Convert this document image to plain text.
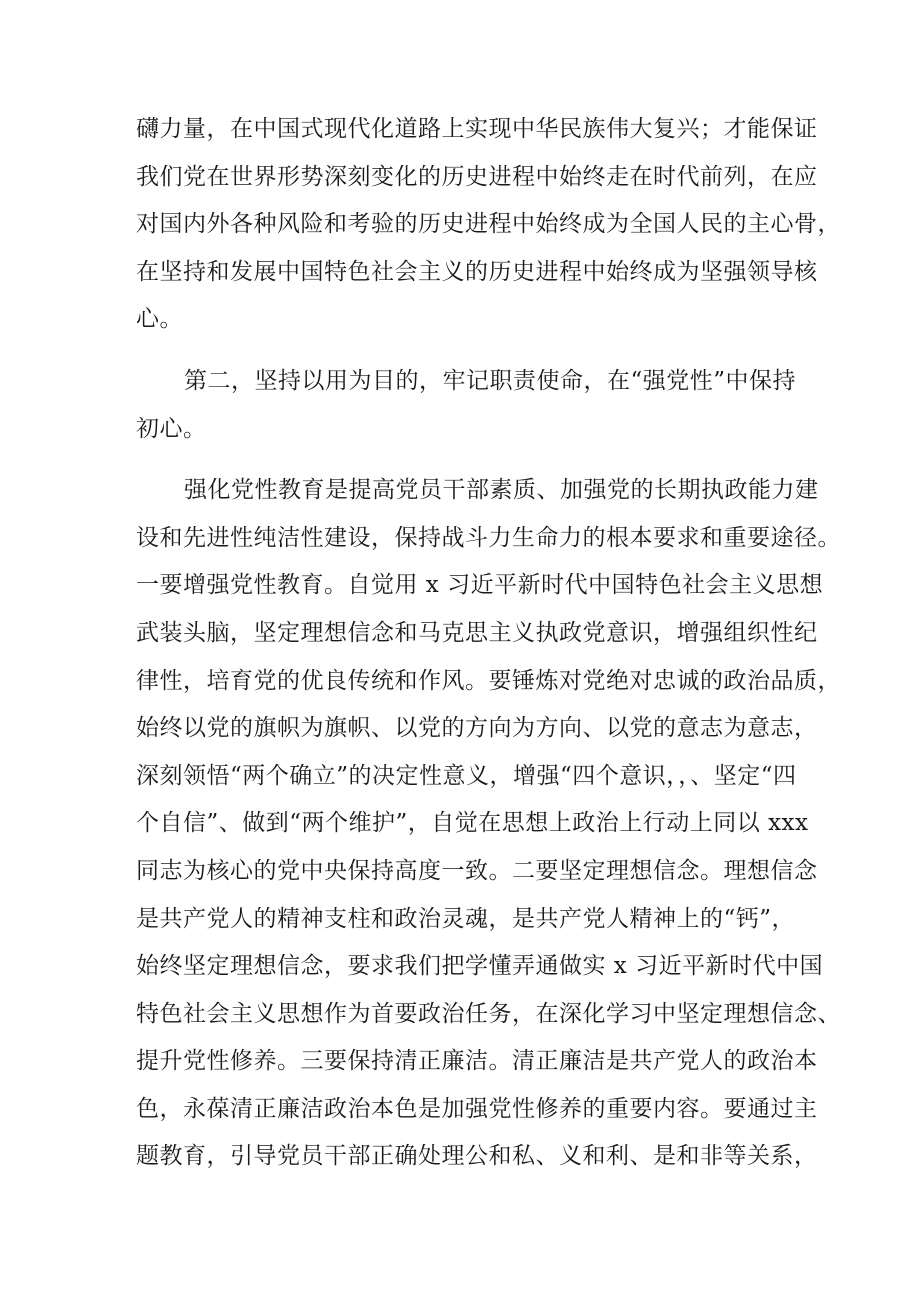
礴力量，在中国式现代化道路上实现中华民族伟大复兴；才能保证
我们党在世界形势深刻变化的历史进程中始终走在时代前列，在应
对国内外各种风险和考验的历史进程中始终成为全国人民的主心骨，
在坚持和发展中国特色社会主义的历史进程中始终成为坚强领导核
心。
第二，坚持以用为目的，牢记职责使命，在“强党性”中保持
初心。
强化党性教育是提高党员干部素质、加强党的长期执政能力建
设和先进性纯洁性建设，保持战斗力生命力的根本要求和重要途径。
一要增强党性教育。自觉用 x 习近平新时代中国特色社会主义思想
武装头脑，坚定理想信念和马克思主义执政党意识，增强组织性纪
律性，培育党的优良传统和作风。要锤炼对党绝对忠诚的政治品质，
始终以党的旗帜为旗帜、以党的方向为方向、以党的意志为意志，
深刻领悟“两个确立”的决定性意义，增强“四个意识，，、坚定“四
个自信”、做到“两个维护”，自觉在思想上政治上行动上同以 xxx
同志为核心的党中央保持高度一致。二要坚定理想信念。理想信念
是共产党人的精神支柱和政治灵魂，是共产党人精神上的“钙”，
始终坚定理想信念，要求我们把学懂弄通做实 x 习近平新时代中国
特色社会主义思想作为首要政治任务，在深化学习中坚定理想信念、
提升党性修养。三要保持清正廉洁。清正廉洁是共产党人的政治本
色，永葆清正廉洁政治本色是加强党性修养的重要内容。要通过主
题教育，引导党员干部正确处理公和私、义和利、是和非等关系，
